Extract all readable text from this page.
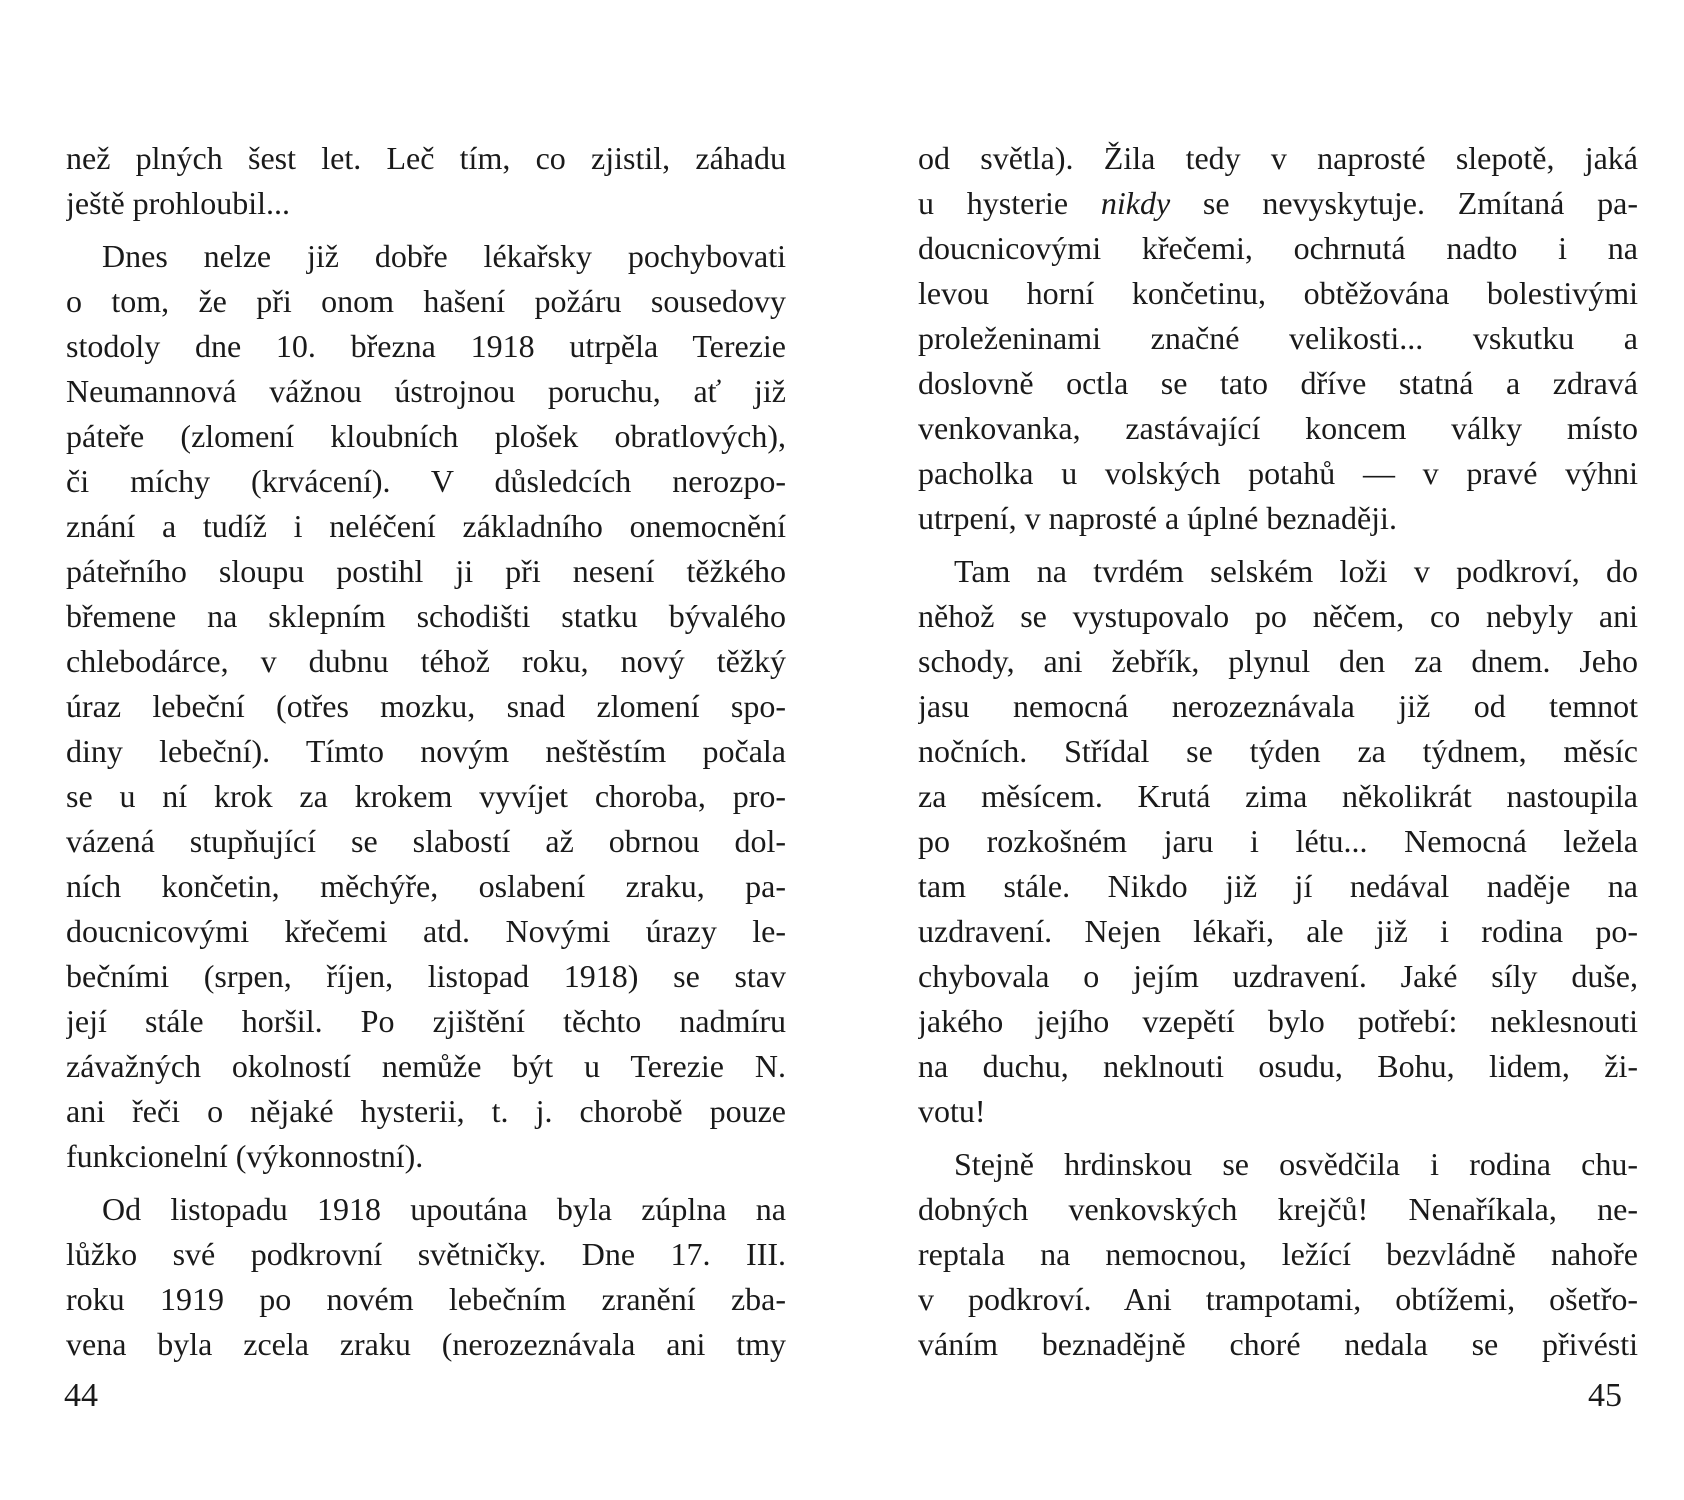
než plných šest let. Leč tím, co zjistil, záhadu
ještě prohloubil...
Dnes nelze již dobře lékařsky pochybovati
o tom, že při onom hašení požáru sousedovy
stodoly dne 10. března 1918 utrpěla Terezie
Neumannová vážnou ústrojnou poruchu, ať již
páteře (zlomení kloubních plošek obratlových),
či míchy (krvácení). V důsledcích nerozpo-
znání a tudíž i neléčení základního onemocnění
páteřního sloupu postihl ji při nesení těžkého
břemene na sklepním schodišti statku bývalého
chlebodárce, v dubnu téhož roku, nový těžký
úraz lebeční (otřes mozku, snad zlomení spo-
diny lebeční). Tímto novým neštěstím počala
se u ní krok za krokem vyvíjet choroba, pro-
vázená stupňující se slabostí až obrnou dol-
ních končetin, měchýře, oslabení zraku, pa-
doucnicovými křečemi atd. Novými úrazy le-
bečními (srpen, říjen, listopad 1918) se stav
její stále horšil. Po zjištění těchto nadmíru
závažných okolností nemůže být u Terezie N.
ani řeči o nějaké hysterii, t. j. chorobě pouze
funkcionelní (výkonnostní).
Od listopadu 1918 upoutána byla zúplna na
lůžko své podkrovní světničky. Dne 17. III.
roku 1919 po novém lebečním zranění zba-
vena byla zcela zraku (nerozeznávala ani tmy
od světla). Žila tedy v naprosté slepotě, jaká
u hysterie nikdy se nevyskytuje. Zmítaná pa-
doucnicovými křečemi, ochrnutá nadto i na
levou horní končetinu, obtěžována bolestivými
proleženinami značné velikosti... vskutku a
doslovně octla se tato dříve statná a zdravá
venkovanka, zastávající koncem války místo
pacholka u volských potahů — v pravé výhni
utrpení, v naprosté a úplné beznaději.
Tam na tvrdém selském loži v podkroví, do
něhož se vystupovalo po něčem, co nebyly ani
schody, ani žebřík, plynul den za dnem. Jeho
jasu nemocná nerozeznávala již od temnot
nočních. Střídal se týden za týdnem, měsíc
za měsícem. Krutá zima několikrát nastoupila
po rozkošném jaru i létu... Nemocná ležela
tam stále. Nikdo již jí nedával naděje na
uzdravení. Nejen lékaři, ale již i rodina po-
chybovala o jejím uzdravení. Jaké síly duše,
jakého jejího vzepětí bylo potřebí: neklesnouti
na duchu, neklnouti osudu, Bohu, lidem, ži-
votu!
Stejně hrdinskou se osvědčila i rodina chu-
dobných venkovských krejčů! Nenaříkala, ne-
reptala na nemocnou, ležící bezvládně nahoře
v podkroví. Ani trampotami, obtížemi, ošetřo-
váním beznadějně choré nedala se přivésti
44	45
